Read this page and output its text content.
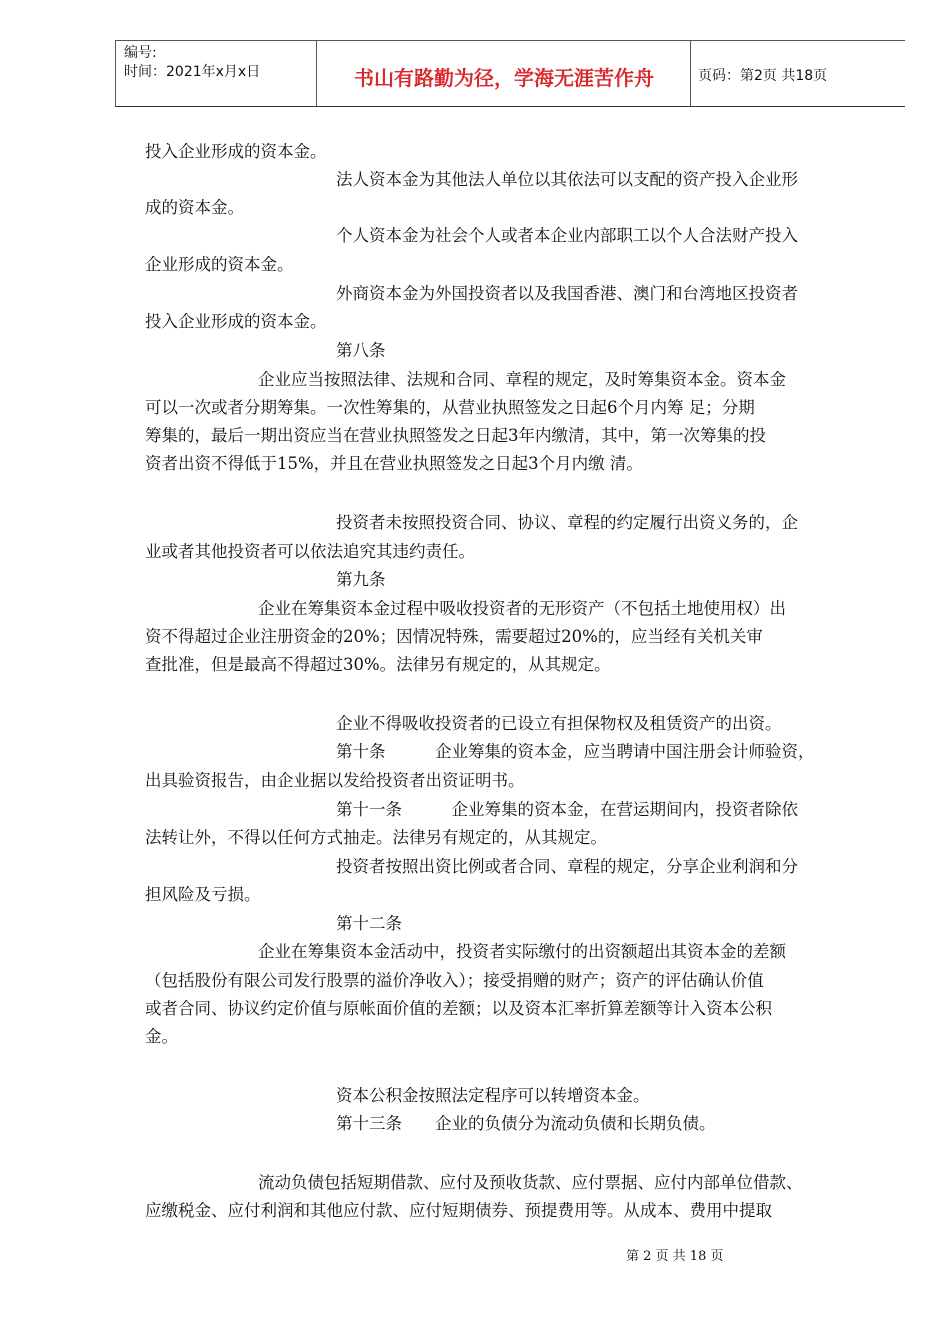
编号:
时间：2021年x月x日	书山有路勤为径，学海无涯苦作舟	页码：第2页 共18页
投入企业形成的资本金。
法人资本金为其他法人单位以其依法可以支配的资产投入企业形
成的资本金。
个人资本金为社会个人或者本企业内部职工以个人合法财产投入
企业形成的资本金。
外商资本金为外国投资者以及我国香港、澳门和台湾地区投资者
投入企业形成的资本金。
第八条
企业应当按照法律、法规和合同、章程的规定，及时筹集资本金。资本金
可以一次或者分期筹集。一次性筹集的，从营业执照签发之日起6个月内筹 足；分期
筹集的，最后一期出资应当在营业执照签发之日起3年内缴清，其中，第一次筹集的投
资者出资不得低于15%，并且在营业执照签发之日起3个月内缴 清。
投资者未按照投资合同、协议、章程的约定履行出资义务的，企
业或者其他投资者可以依法追究其违约责任。
第九条
企业在筹集资本金过程中吸收投资者的无形资产（不包括土地使用权）出
资不得超过企业注册资金的20%；因情况特殊，需要超过20%的，应当经有关机关审
查批准，但是最高不得超过30%。法律另有规定的，从其规定。
企业不得吸收投资者的已设立有担保物权及租赁资产的出资。
第十条　　　企业筹集的资本金，应当聘请中国注册会计师验资，
出具验资报告，由企业据以发给投资者出资证明书。
第十一条　　　企业筹集的资本金，在营运期间内，投资者除依
法转让外，不得以任何方式抽走。法律另有规定的，从其规定。
投资者按照出资比例或者合同、章程的规定，分享企业利润和分
担风险及亏损。
第十二条
企业在筹集资本金活动中，投资者实际缴付的出资额超出其资本金的差额
（包括股份有限公司发行股票的溢价净收入）；接受捐赠的财产；资产的评估确认价值
或者合同、协议约定价值与原帐面价值的差额；以及资本汇率折算差额等计入资本公积
金。
资本公积金按照法定程序可以转增资本金。
第十三条　　企业的负债分为流动负债和长期负债。
流动负债包括短期借款、应付及预收货款、应付票据、应付内部单位借款、
应缴税金、应付利润和其他应付款、应付短期债券、预提费用等。从成本、费用中提取
第 2 页 共 18 页
